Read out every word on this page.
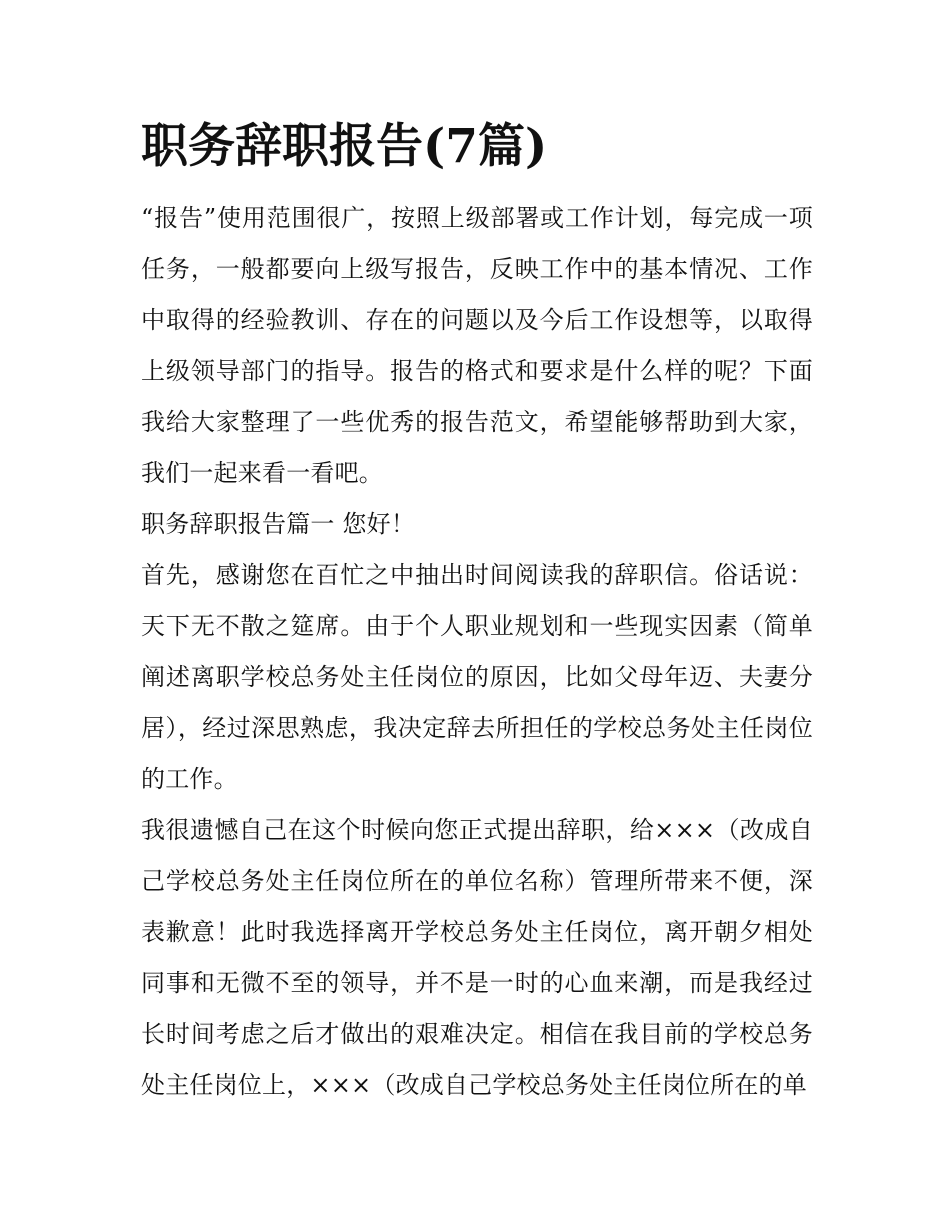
职务辞职报告(7篇)

“报告”使用范围很广，按照上级部署或工作计划，每完成一项任务，一般都要向上级写报告，反映工作中的基本情况、工作中取得的经验教训、存在的问题以及今后工作设想等，以取得上级领导部门的指导。报告的格式和要求是什么样的呢？下面我给大家整理了一些优秀的报告范文，希望能够帮助到大家，我们一起来看一看吧。

职务辞职报告篇一 您好！

首先，感谢您在百忙之中抽出时间阅读我的辞职信。俗话说：天下无不散之筵席。由于个人职业规划和一些现实因素（简单阐述离职学校总务处主任岗位的原因，比如父母年迈、夫妻分居），经过深思熟虑，我决定辞去所担任的学校总务处主任岗位的工作。

我很遗憾自己在这个时候向您正式提出辞职，给×××（改成自己学校总务处主任岗位所在的单位名称）管理所带来不便，深表歉意！此时我选择离开学校总务处主任岗位，离开朝夕相处同事和无微不至的领导，并不是一时的心血来潮，而是我经过长时间考虑之后才做出的艰难决定。相信在我目前的学校总务处主任岗位上，×××（改成自己学校总务处主任岗位所在的单
